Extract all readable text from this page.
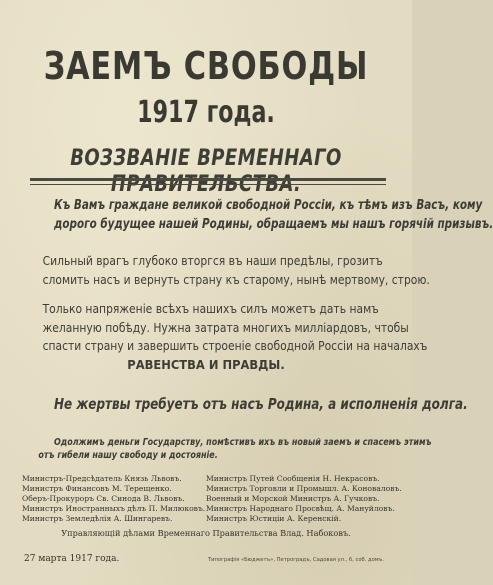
ЗАЕМЪ СВОБОДЫ
1917 года.
ВОЗЗВАНІЕ ВРЕМЕННАГО ПРАВИТЕЛЬСТВА.
Къ Вамъ граждане великой свободной Россіи, къ тѣмъ изъ Васъ, кому
дорого будущее нашей Родины, обращаемъ мы нашъ горячій призывъ.
Сильный врагъ глубоко вторгся въ наши предѣлы, грозитъ
сломить насъ и вернуть страну къ старому, нынѣ мертвому, строю.
Только напряженіе всѣхъ нашихъ силъ можетъ дать намъ
желанную побѣду. Нужна затрата многихъ милліардовъ, чтобы
спасти страну и завершить строеніе свободной Россіи на началахъ
РАВЕНСТВА И ПРАВДЫ.
Не жертвы требуетъ отъ насъ Родина, а исполненія долга.
Одолжимъ деньги Государству, помѣстивъ ихъ въ новый заемъ и спасемъ этимъ
отъ гибели нашу свободу и достояніе.
Министръ-Предсѣдатель Князь Львовъ.
Министръ Финансовъ М. Терещенко.
Оберъ-Прокуроръ Св. Синода В. Львовъ.
Министръ Иностранныхъ дѣлъ П. Милюковъ.
Министръ Земледѣлія А. Шингаревъ.
Министръ Путей Сообщенія Н. Некрасовъ.
Министръ Торговли и Промышл. А. Коноваловъ.
Военный и Морской Министръ А. Гучковъ.
Министръ Народнаго Просвѣщ. А. Мануйловъ.
Министръ Юстиціи А. Керенскій.
Управляющій дѣлами Временнаго Правительства Влад. Набоковъ.
27 марта 1917 года.	Типографія «Бюджетъ», Петроградъ, Садовая ул., 6, соб. домъ.
